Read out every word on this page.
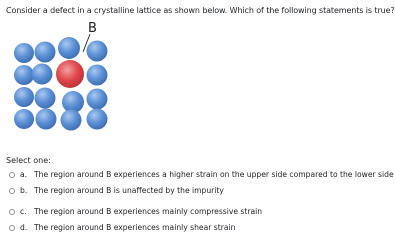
Consider a defect in a crystalline lattice as shown below. Which of the following statements is true?
B
Select one:
a. The region around B experiences a higher strain on the upper side compared to the lower side
b. The region around B is unaffected by the impurity
c. The region around B experiences mainly compressive strain
d. The region around B experiences mainly shear strain
